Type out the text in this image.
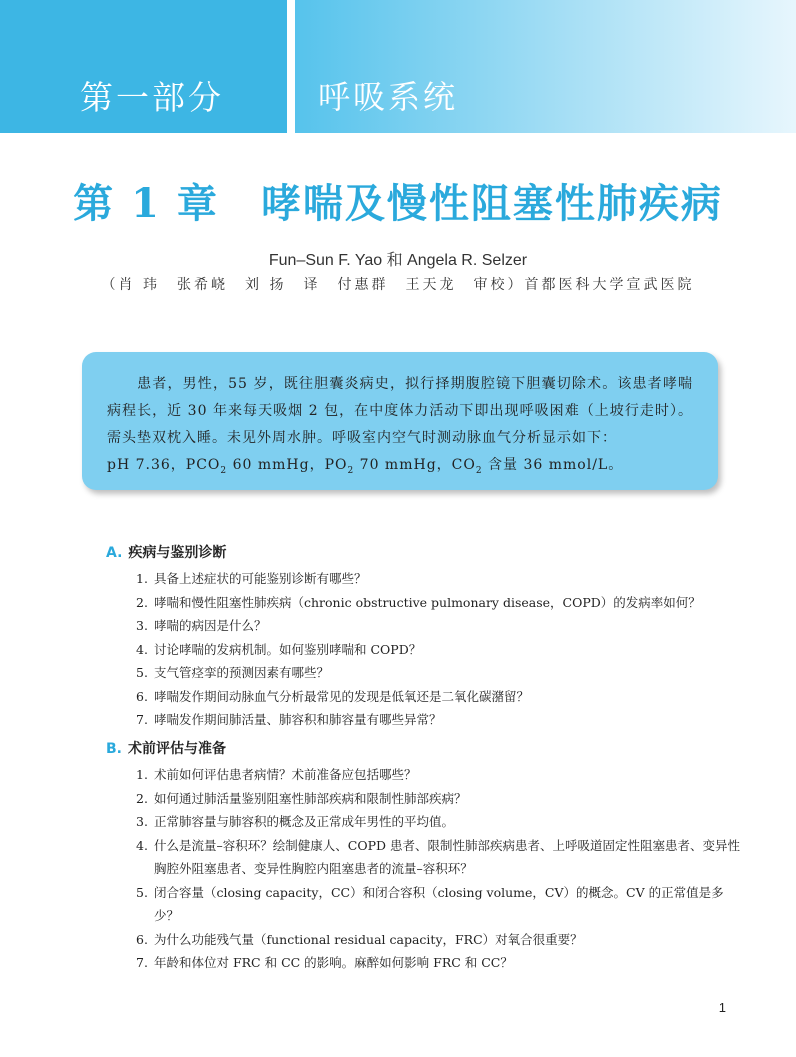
第一部分	呼吸系统
第 1 章　哮喘及慢性阻塞性肺疾病
Fun–Sun F. Yao 和 Angela R. Selzer
（肖 玮　张希峣　刘 扬　译　付惠群　王天龙　审校）首都医科大学宣武医院
患者，男性，55 岁，既往胆囊炎病史，拟行择期腹腔镜下胆囊切除术。该患者哮喘病程长，近 30 年来每天吸烟 2 包，在中度体力活动下即出现呼吸困难（上坡行走时）。需头垫双枕入睡。未见外周水肿。呼吸室内空气时测动脉血气分析显示如下：
pH 7.36，$PCO_2$ 60 mmHg，$PO_2$ 70 mmHg，$CO_2$ 含量 36 mmol/L。
A. 疾病与鉴别诊断
1. 具备上述症状的可能鉴别诊断有哪些？
2. 哮喘和慢性阻塞性肺疾病（chronic obstructive pulmonary disease，COPD）的发病率如何？
3. 哮喘的病因是什么？
4. 讨论哮喘的发病机制。如何鉴别哮喘和 COPD？
5. 支气管痉挛的预测因素有哪些？
6. 哮喘发作期间动脉血气分析最常见的发现是低氧还是二氧化碳潴留？
7. 哮喘发作期间肺活量、肺容积和肺容量有哪些异常？
B. 术前评估与准备
1. 术前如何评估患者病情？术前准备应包括哪些？
2. 如何通过肺活量鉴别阻塞性肺部疾病和限制性肺部疾病？
3. 正常肺容量与肺容积的概念及正常成年男性的平均值。
4. 什么是流量–容积环？绘制健康人、COPD 患者、限制性肺部疾病患者、上呼吸道固定性阻塞患者、变异性胸腔外阻塞患者、变异性胸腔内阻塞患者的流量–容积环？
5. 闭合容量（closing capacity，CC）和闭合容积（closing volume，CV）的概念。CV 的正常值是多少？
6. 为什么功能残气量（functional residual capacity，FRC）对氧合很重要？
7. 年龄和体位对 FRC 和 CC 的影响。麻醉如何影响 FRC 和 CC？
1
